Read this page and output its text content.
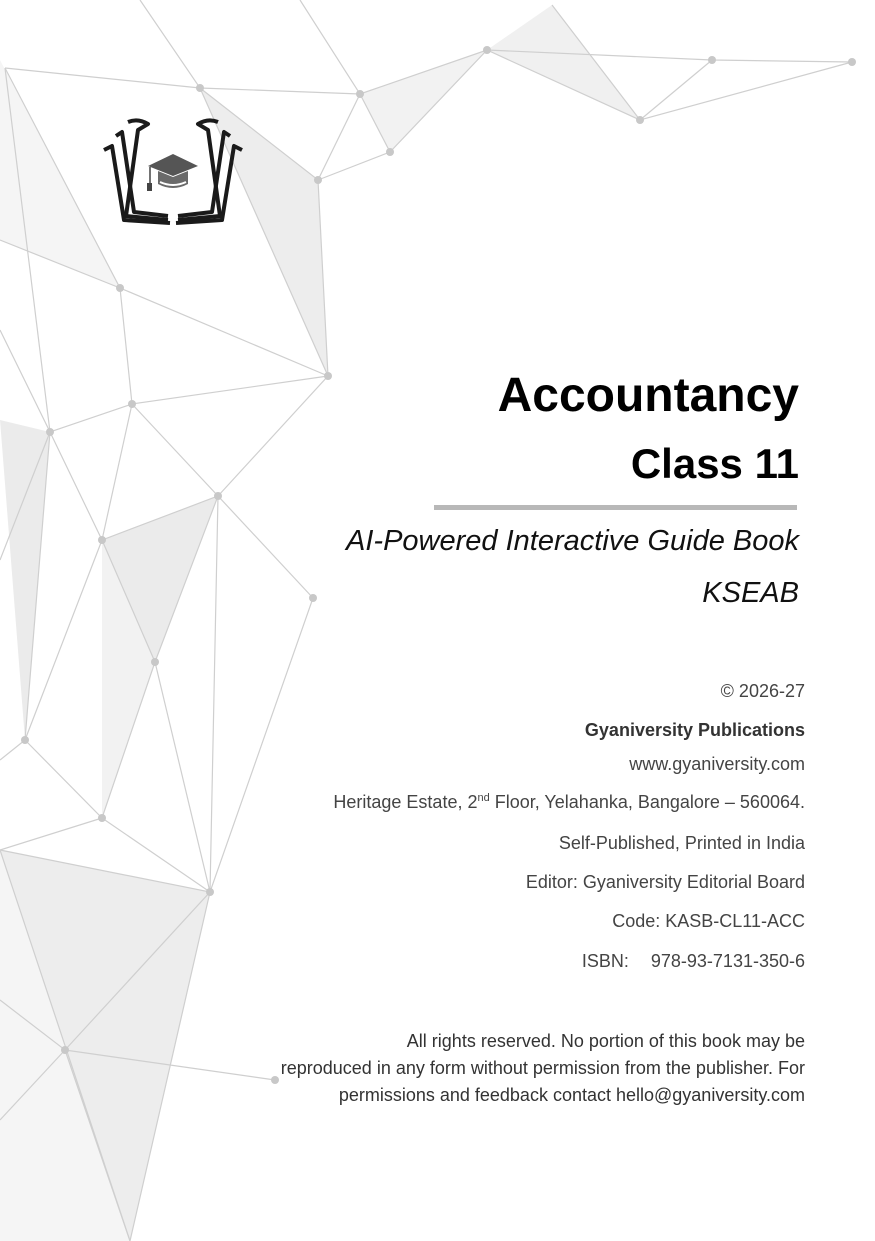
Accountancy
Class 11
AI-Powered Interactive Guide Book
KSEAB
© 2026-27
Gyaniversity Publications
www.gyaniversity.com
Heritage Estate, 2nd Floor, Yelahanka, Bangalore – 560064.
Self-Published, Printed in India
Editor: Gyaniversity Editorial Board
Code: KASB-CL11-ACC
ISBN: 978-93-7131-350-6
All rights reserved. No portion of this book may be
reproduced in any form without permission from the publisher. For
permissions and feedback contact hello@gyaniversity.com
